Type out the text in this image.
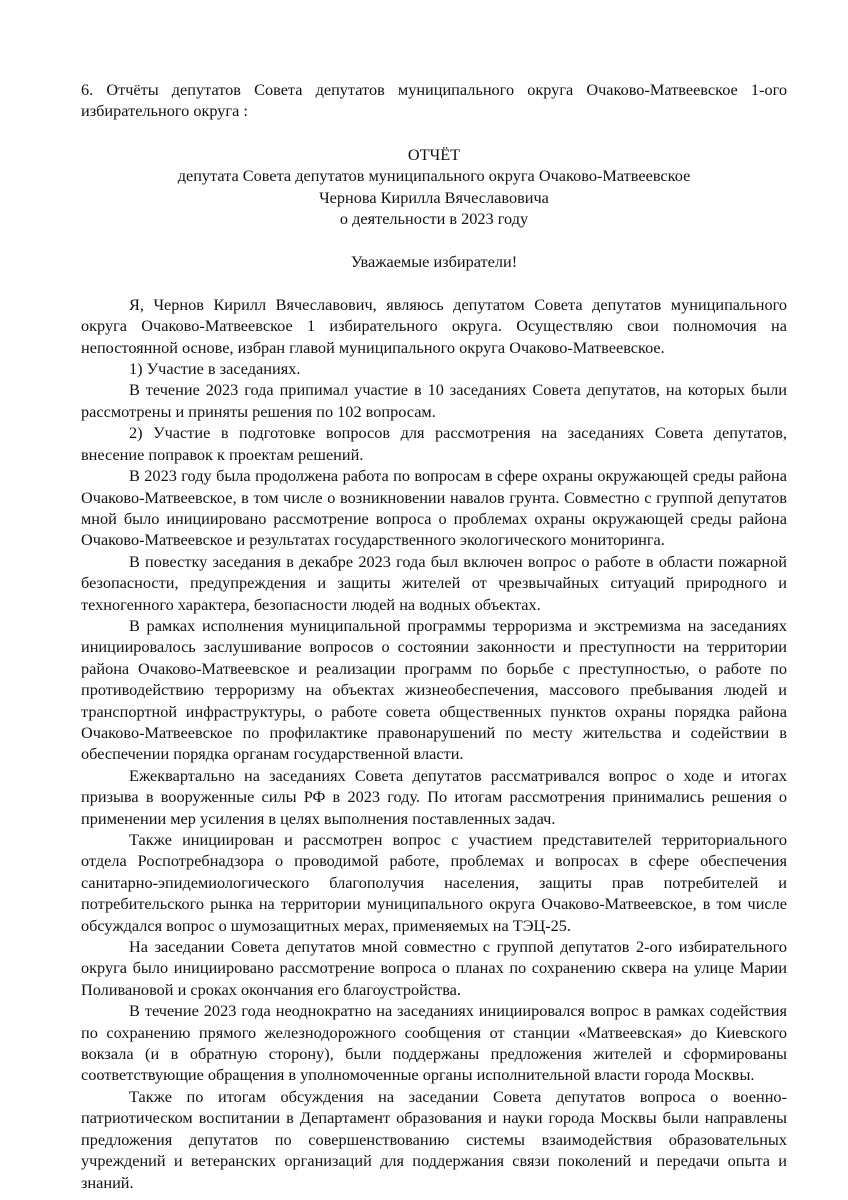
6. Отчёты депутатов Совета депутатов муниципального округа Очаково-Матвеевское 1-ого избирательного округа :

ОТЧЁТ
депутата Совета депутатов муниципального округа Очаково-Матвеевское
Чернова Кирилла Вячеславовича
о деятельности в 2023 году
Уважаемые избиратели!

Я, Чернов Кирилл Вячеславович, являюсь депутатом Совета депутатов муниципального округа Очаково-Матвеевское 1 избирательного округа. Осуществляю свои полномочия на непостоянной основе, избран главой муниципального округа Очаково-Матвеевское.

1) Участие в заседаниях.

В течение 2023 года припимал участие в 10 заседаниях Совета депутатов, на которых были рассмотрены и приняты решения по 102 вопросам.

2) Участие в подготовке вопросов для рассмотрения на заседаниях Совета депутатов, внесение поправок к проектам решений.

В 2023 году была продолжена работа по вопросам в сфере охраны окружающей среды района Очаково-Матвеевское, в том числе о возникновении навалов грунта. Совместно с группой депутатов мной было инициировано рассмотрение вопроса о проблемах охраны окружающей среды района Очаково-Матвеевское и результатах государственного экологического мониторинга.

В повестку заседания в декабре 2023 года был включен вопрос о работе в области пожарной безопасности, предупреждения и защиты жителей от чрезвычайных ситуаций природного и техногенного характера, безопасности людей на водных объектах.

В рамках исполнения муниципальной программы терроризма и экстремизма на заседаниях инициировалось заслушивание вопросов о состоянии законности и преступности на территории района Очаково-Матвеевское и реализации программ по борьбе с преступностью, о работе по противодействию терроризму на объектах жизнеобеспечения, массового пребывания людей и транспортной инфраструктуры, о работе совета общественных пунктов охраны порядка района Очаково-Матвеевское по профилактике правонарушений по месту жительства и содействии в обеспечении порядка органам государственной власти.

Ежеквартально на заседаниях Совета депутатов рассматривался вопрос о ходе и итогах призыва в вооруженные силы РФ в 2023 году. По итогам рассмотрения принимались решения о применении мер усиления в целях выполнения поставленных задач.

Также инициирован и рассмотрен вопрос с участием представителей территориального отдела Роспотребнадзора о проводимой работе, проблемах и вопросах в сфере обеспечения санитарно-эпидемиологического благополучия населения, защиты прав потребителей и потребительского рынка на территории муниципального округа Очаково-Матвеевское, в том числе обсуждался вопрос о шумозащитных мерах, применяемых на ТЭЦ-25.

На заседании Совета депутатов мной совместно с группой депутатов 2-ого избирательного округа было инициировано рассмотрение вопроса о планах по сохранению сквера на улице Марии Поливановой и сроках окончания его благоустройства.

В течение 2023 года неоднократно на заседаниях инициировался вопрос в рамках содействия по сохранению прямого железнодорожного сообщения от станции «Матвеевская» до Киевского вокзала (и в обратную сторону), были поддержаны предложения жителей и сформированы соответствующие обращения в уполномоченные органы исполнительной власти города Москвы.

Также по итогам обсуждения на заседании Совета депутатов вопроса о военно-патриотическом воспитании в Департамент образования и науки города Москвы были направлены предложения депутатов по совершенствованию системы взаимодействия образовательных учреждений и ветеранских организаций для поддержания связи поколений и передачи опыта и знаний.
